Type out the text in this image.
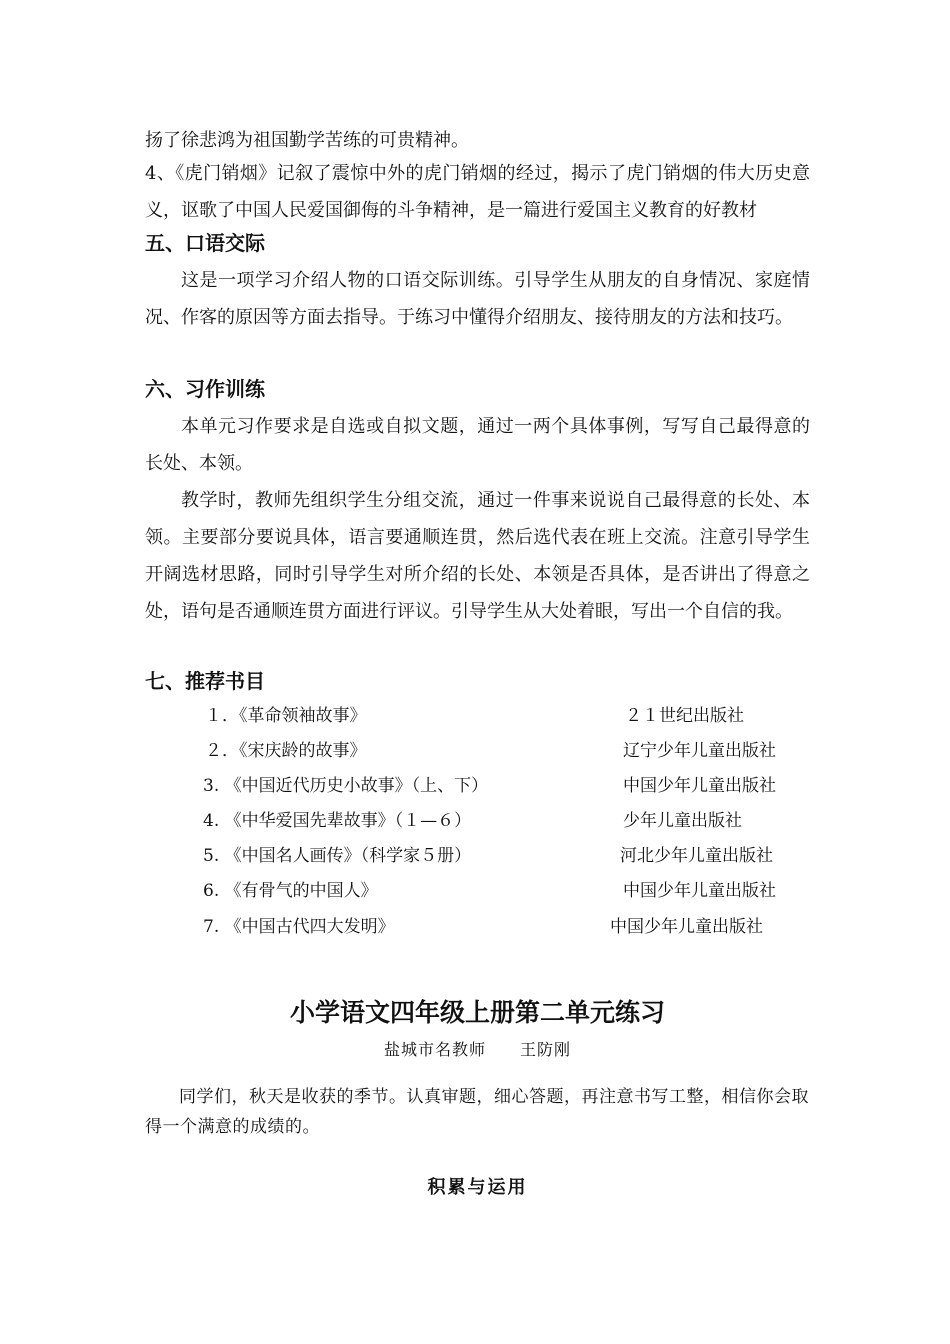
扬了徐悲鸿为祖国勤学苦练的可贵精神。

4、《虎门销烟》记叙了震惊中外的虎门销烟的经过，揭示了虎门销烟的伟大历史意义，讴歌了中国人民爱国御侮的斗争精神，是一篇进行爱国主义教育的好教材

五、口语交际

这是一项学习介绍人物的口语交际训练。引导学生从朋友的自身情况、家庭情况、作客的原因等方面去指导。于练习中懂得介绍朋友、接待朋友的方法和技巧。

六、习作训练

本单元习作要求是自选或自拟文题，通过一两个具体事例，写写自己最得意的长处、本领。

教学时，教师先组织学生分组交流，通过一件事来说说自己最得意的长处、本领。主要部分要说具体，语言要通顺连贯，然后选代表在班上交流。注意引导学生开阔选材思路，同时引导学生对所介绍的长处、本领是否具体，是否讲出了得意之处，语句是否通顺连贯方面进行评议。引导学生从大处着眼，写出一个自信的我。

七、推荐书目
１．《革命领袖故事》	２１世纪出版社
２．《宋庆龄的故事》	辽宁少年儿童出版社
3. 《中国近代历史小故事》（上、下）	中国少年儿童出版社
4. 《中华爱国先辈故事》（１—６）	少年儿童出版社
5. 《中国名人画传》（科学家５册）	河北少年儿童出版社
6. 《有骨气的中国人》	中国少年儿童出版社
7. 《中国古代四大发明》	中国少年儿童出版社
小学语文四年级上册第二单元练习
盐城市名教师　　王防刚

同学们，秋天是收获的季节。认真审题，细心答题，再注意书写工整，相信你会取得一个满意的成绩的。

积累与运用
